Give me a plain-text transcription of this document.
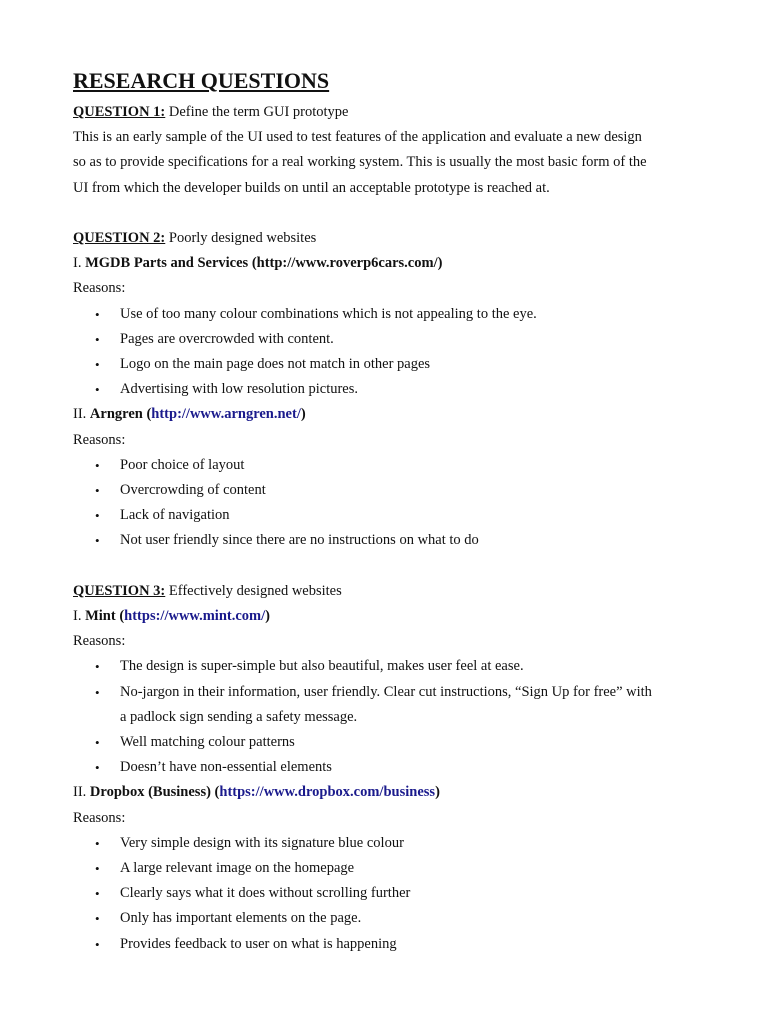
RESEARCH QUESTIONS
QUESTION 1: Define the term GUI prototype
This is an early sample of the UI used to test features of the application and evaluate a new design
so as to provide specifications for a real working system. This is usually the most basic form of the
UI from which the developer builds on until an acceptable prototype is reached at.
QUESTION 2: Poorly designed websites
I. MGDB Parts and Services (http://www.roverp6cars.com/)
Reasons:
• Use of too many colour combinations which is not appealing to the eye.
• Pages are overcrowded with content.
• Logo on the main page does not match in other pages
• Advertising with low resolution pictures.
II. Arngren (http://www.arngren.net/)
Reasons:
• Poor choice of layout
• Overcrowding of content
• Lack of navigation
• Not user friendly since there are no instructions on what to do
QUESTION 3: Effectively designed websites
I. Mint (https://www.mint.com/)
Reasons:
• The design is super-simple but also beautiful, makes user feel at ease.
• No-jargon in their information, user friendly. Clear cut instructions, “Sign Up for free” with
a padlock sign sending a safety message.
• Well matching colour patterns
• Doesn’t have non-essential elements
II. Dropbox (Business) (https://www.dropbox.com/business)
Reasons:
• Very simple design with its signature blue colour
• A large relevant image on the homepage
• Clearly says what it does without scrolling further
• Only has important elements on the page.
• Provides feedback to user on what is happening
